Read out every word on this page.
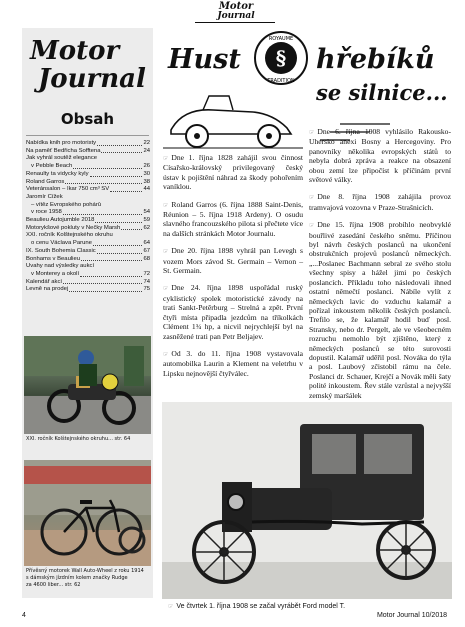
Motor
Journal
Motor
Journal
Obsah
Nabídka knih pro motoristy	22
Na paměť Bedřicha Sofftena	24
Jak vyhrál soutěž elegance
v Pebble Beach	26
Renaulty ta vidycky kyly	30
Roland Garros	38
Veteránsalon – Ikar 750 cm³ SV	44
Jaromír Čížek
– vítěz Evropského pohárů
v roce 1958	54
Beaulieu Autojumble 2018	59
Motorykšové pokluty v Nečky Marsh	62
XXI. ročník Kolštejnského okruhu
o cenu Václava Parune	64
IX. South Bohemia Classic	67
Bonhams v Beaulieu	68
Úvahy nad výsledky aukcí
v Monterey a okolí	72
Kalendář akcí	74
Levně na prodej	75
XXI. ročník Kolštejnského okruhu... str. 64
Přívěsný motorek Wall Auto-Wheel z roku 1914
s dámským jízdním kolem značky Rudge
za 4600 liber... str. 62
Hust §
ROYAUME
TRADITION
hřebíků
se silnice...

☞ Dne 1. října 1828 zahájil svou činnost Císařsko-královský privilegovaný český ústav k pojištění náhrad za škody pohořením vaníklou.

☞ Roland Garros (6. října 1888 Saint-Denis, Réunion – 5. října 1918 Ardeny). O osudu slavného francouzského pilota si přečtete více na dalších stránkách Motor Journalu.

☞ Dne 20. října 1898 vyhrál pan Levegh s vozem Mors závod St. Germain – Vernon – St. Germain.

☞ Dne 24. října 1898 uspořádal ruský cyklistický spolek motoristické závody na trati Sankt-Petěrburg – Strelná a zpět. První čtyři místa připadla jezdcům na tříkolkách Clément 1¾ hp, a nicvil nejrychlejší byl na zasněžené trati pan Petr Beljajev.

☞ Od 3. do 11. října 1908 vystavovala automobilka Laurin a Klement na veletrhu v Lipsku nejnovější čtyřválec.

☞ Dne 6. října 1908 vyhlásilo Rakousko-Uhersko anexi Bosny a Hercegoviny. Pro panovníky několika evropských států to nebyla dobrá zpráva a reakce na obsazení obou zemí lze připočíst k příčinám první světové války.

☞ Dne 8. října 1908 zahájila provoz tramvajová vozovna v Praze-Strašnicích.

☞ Dne 15. října 1908 probíhlo neobvyklé bouřlivé zasedání českého sněmu. Příčinou byl návrh českých poslanců na ukončení obstrukčních projevů poslanců německých. „...Poslanec Bachmann sebral ze svého stolu všechny spisy a hážel jimi po českých poslancích. Příkladu toho následovali ihned ostatní němečtí poslanci. Nábíle vylít z německých lavic do vzduchu kalamář a pořízal inkoustem několik českých poslanců. Trefilo se, že kalamář hodil buď posl. Stransky, nebo dr. Pergelt, ale ve všeobecném rozruchu nemohlo být zjištěno, který z německých poslanců se této surovosti dopustil. Kalamář uděřil posl. Nováka do týla a posl. Laubový zčistobil rámu na čele. Poslanci dr. Schauer, Krejčí a Novák měli šaty polité inkoustem. Řev stále vzrůstal a nejvyšší zemský maršálek

☞ Ve čtvrtek 1. října 1908 se začal vyrábět Ford model T.
4	Motor Journal 10/2018
